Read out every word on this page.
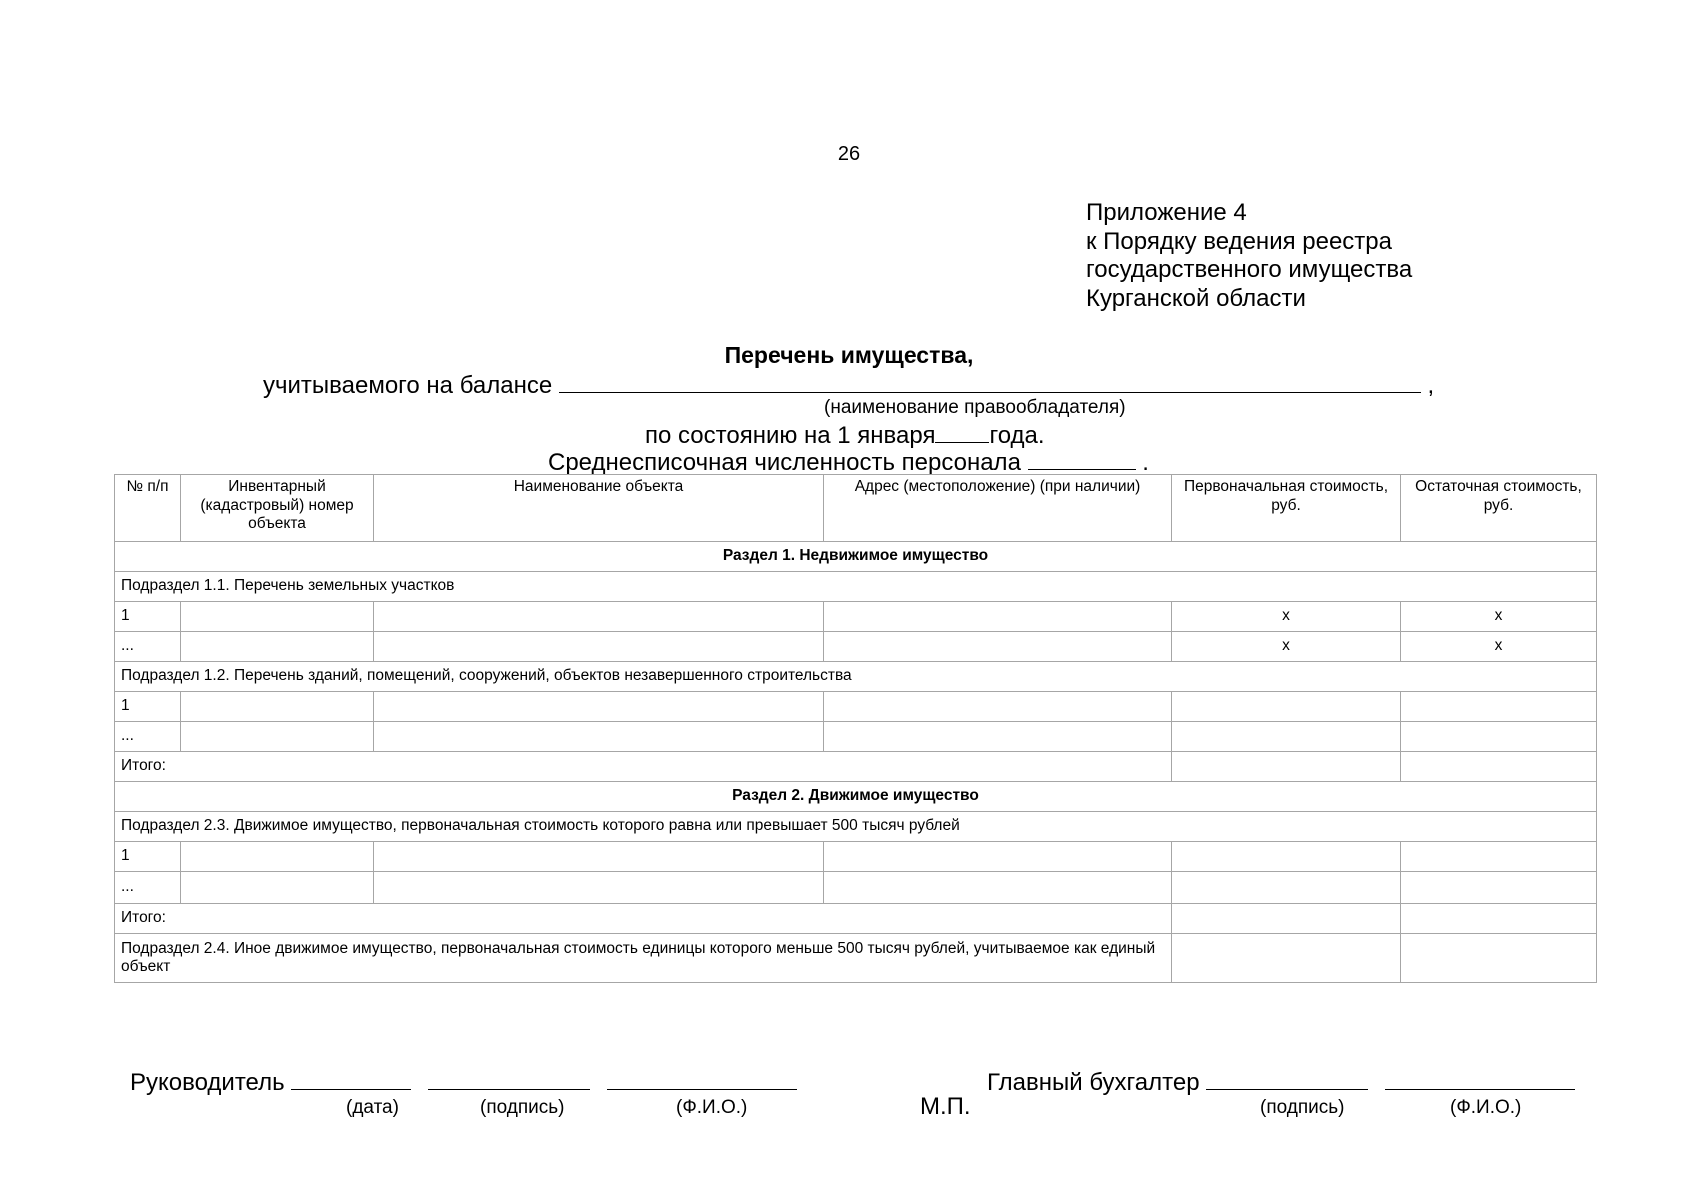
26
Приложение 4
к Порядку ведения реестра
государственного имущества
Курганской области
Перечень имущества,
учитываемого на балансе	,
(наименование правообладателя)
по состоянию на 1 января года.
Среднесписочная численность персонала	.
№ п/п	Инвентарный (кадастровый) номер объекта	Наименование объекта	Адрес (местоположение) (при наличии)	Первоначальная стоимость, руб.	Остаточная стоимость, руб.
Раздел 1. Недвижимое имущество					
Подраздел 1.1. Перечень земельных участков					
1				х	х
...				х	х
Подраздел 1.2. Перечень зданий, помещений, сооружений, объектов незавершенного строительства					
1					
...					
Итого:					
Раздел 2. Движимое имущество					
Подраздел 2.3. Движимое имущество, первоначальная стоимость которого равна или превышает 500 тысяч рублей					
1					
...					
Итого:					
Подраздел 2.4. Иное движимое имущество, первоначальная стоимость единицы которого меньше 500 тысяч рублей, учитываемое как единый объект					
Руководитель
(дата)	(подпись)	(Ф.И.О.)	М.П.
Главный бухгалтер
(подпись)	(Ф.И.О.)
